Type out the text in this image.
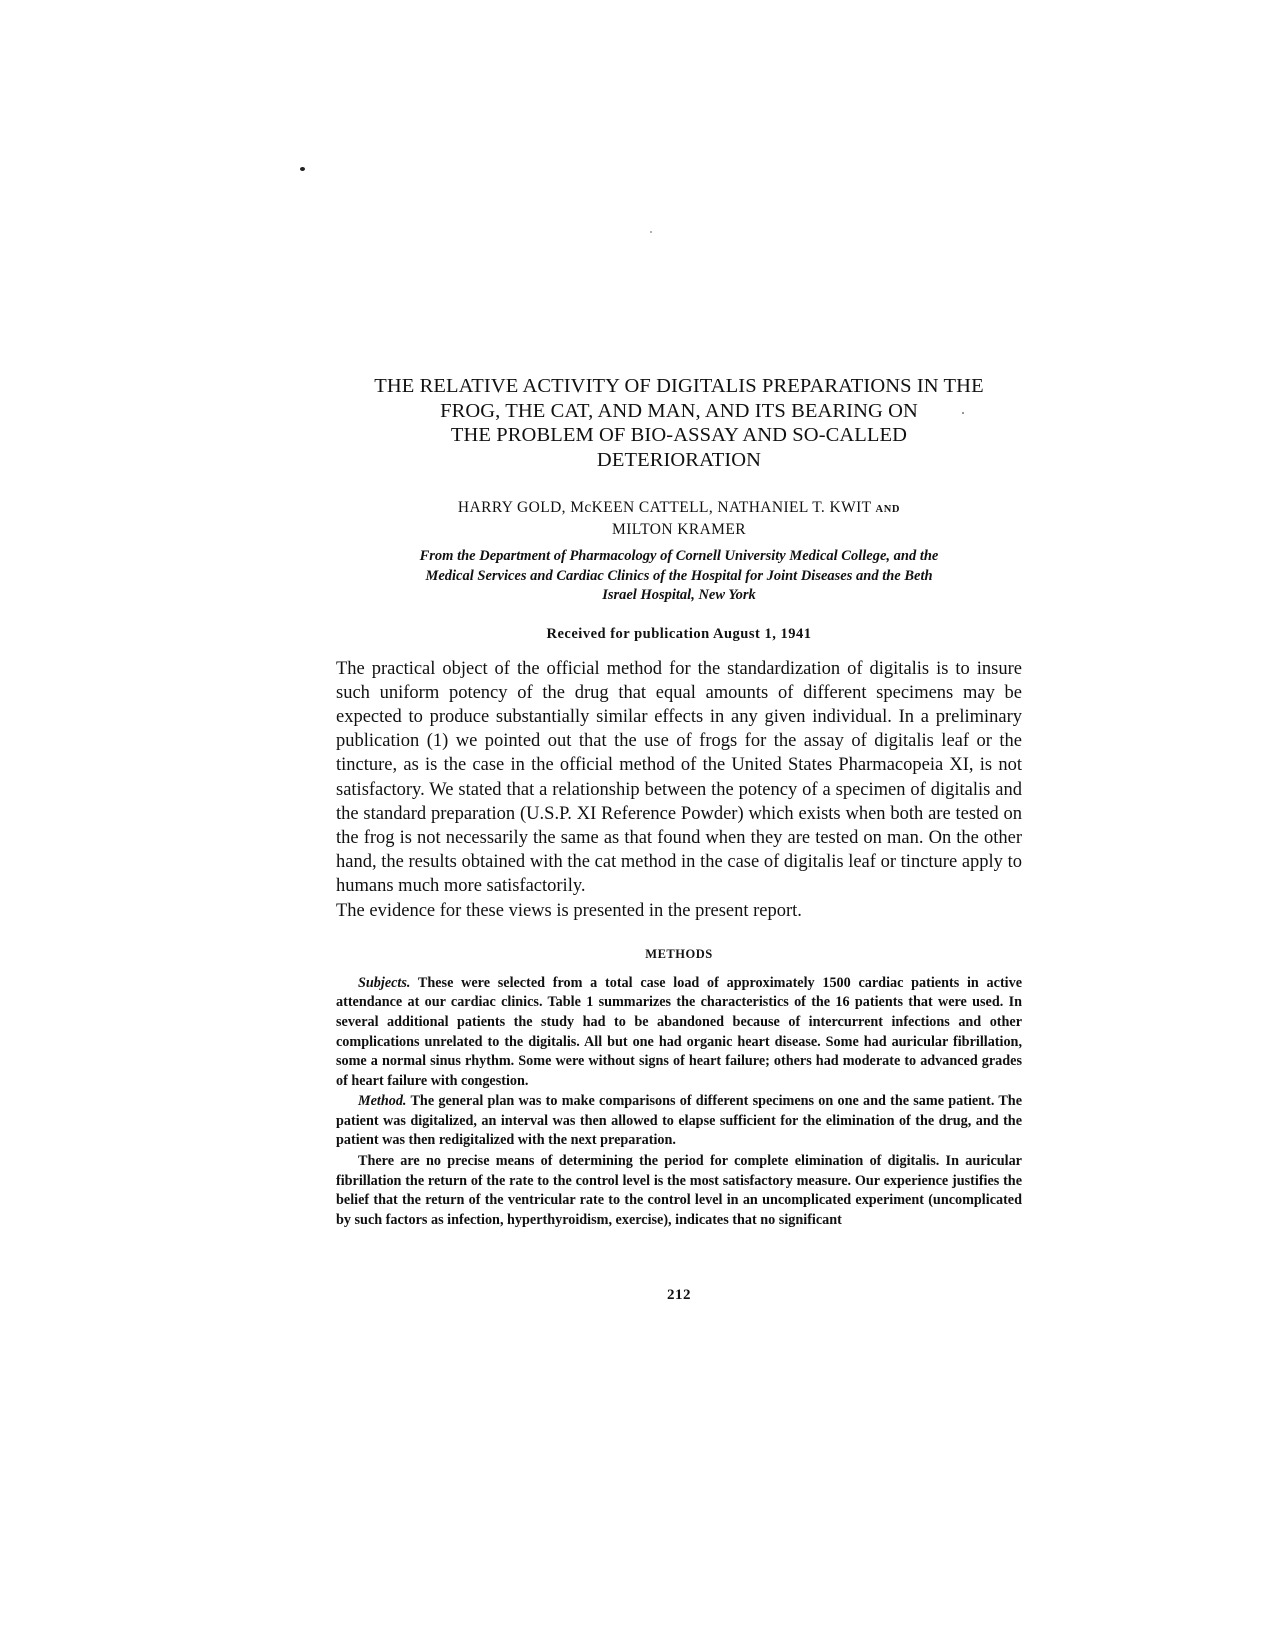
THE RELATIVE ACTIVITY OF DIGITALIS PREPARATIONS IN THE
FROG, THE CAT, AND MAN, AND ITS BEARING ON
THE PROBLEM OF BIO-ASSAY AND SO-CALLED
DETERIORATION
HARRY GOLD, McKEEN CATTELL, NATHANIEL T. KWIT AND
MILTON KRAMER
From the Department of Pharmacology of Cornell University Medical College, and the
Medical Services and Cardiac Clinics of the Hospital for Joint Diseases and the Beth
Israel Hospital, New York
Received for publication August 1, 1941

The practical object of the official method for the standardization of digitalis is to insure such uniform potency of the drug that equal amounts of different specimens may be expected to produce substantially similar effects in any given individual. In a preliminary publication (1) we pointed out that the use of frogs for the assay of digitalis leaf or the tincture, as is the case in the official method of the United States Pharmacopeia XI, is not satisfactory. We stated that a relationship between the potency of a specimen of digitalis and the standard preparation (U.S.P. XI Reference Powder) which exists when both are tested on the frog is not necessarily the same as that found when they are tested on man. On the other hand, the results obtained with the cat method in the case of digitalis leaf or tincture apply to humans much more satisfactorily.

The evidence for these views is presented in the present report.

METHODS

Subjects. These were selected from a total case load of approximately 1500 cardiac patients in active attendance at our cardiac clinics. Table 1 summarizes the characteristics of the 16 patients that were used. In several additional patients the study had to be abandoned because of intercurrent infections and other complications unrelated to the digitalis. All but one had organic heart disease. Some had auricular fibrillation, some a normal sinus rhythm. Some were without signs of heart failure; others had moderate to advanced grades of heart failure with congestion.

Method. The general plan was to make comparisons of different specimens on one and the same patient. The patient was digitalized, an interval was then allowed to elapse sufficient for the elimination of the drug, and the patient was then redigitalized with the next preparation.

There are no precise means of determining the period for complete elimination of digitalis. In auricular fibrillation the return of the rate to the control level is the most satisfactory measure. Our experience justifies the belief that the return of the ventricular rate to the control level in an uncomplicated experiment (uncomplicated by such factors as infection, hyperthyroidism, exercise), indicates that no significant

212
